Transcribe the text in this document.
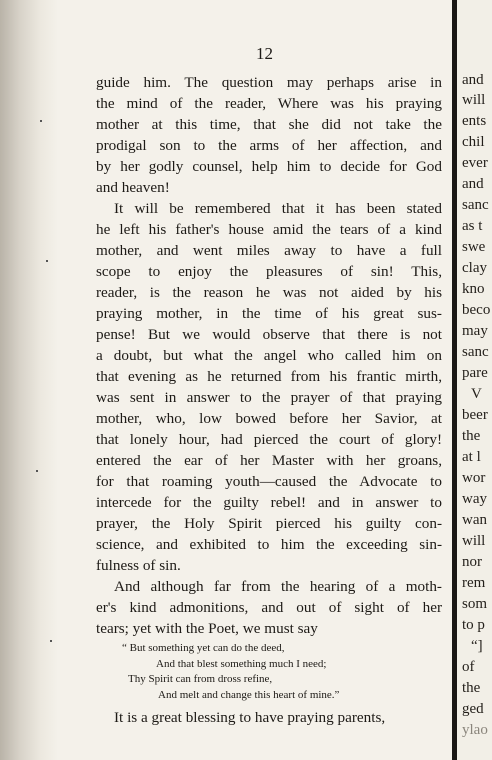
12
guide him. The question may perhaps arise in
the mind of the reader, Where was his praying
mother at this time, that she did not take the
prodigal son to the arms of her affection, and
by her godly counsel, help him to decide for God
and heaven!
It will be remembered that it has been stated
he left his father's house amid the tears of a kind
mother, and went miles away to have a full
scope to enjoy the pleasures of sin! This,
reader, is the reason he was not aided by his
praying mother, in the time of his great sus-
pense! But we would observe that there is not
a doubt, but what the angel who called him on
that evening as he returned from his frantic mirth,
was sent in answer to the prayer of that praying
mother, who, low bowed before her Savior, at
that lonely hour, had pierced the court of glory!
entered the ear of her Master with her groans,
for that roaming youth—caused the Advocate to
intercede for the guilty rebel! and in answer to
prayer, the Holy Spirit pierced his guilty con-
science, and exhibited to him the exceeding sin-
fulness of sin.
And although far from the hearing of a moth-
er's kind admonitions, and out of sight of her
tears; yet with the Poet, we must say
“ But something yet can do the deed,
And that blest something much I need;
Thy Spirit can from dross refine,
And melt and change this heart of mine.”
It is a great blessing to have praying parents,
and
will
ents
chil
ever
and
sanc
as t
swe
clay
kno
beco
may
sanc
pare
V
beer
the
at l
wor
way
wan
will
nor
rem
som
to p
“]
of
the
ged
ylao
